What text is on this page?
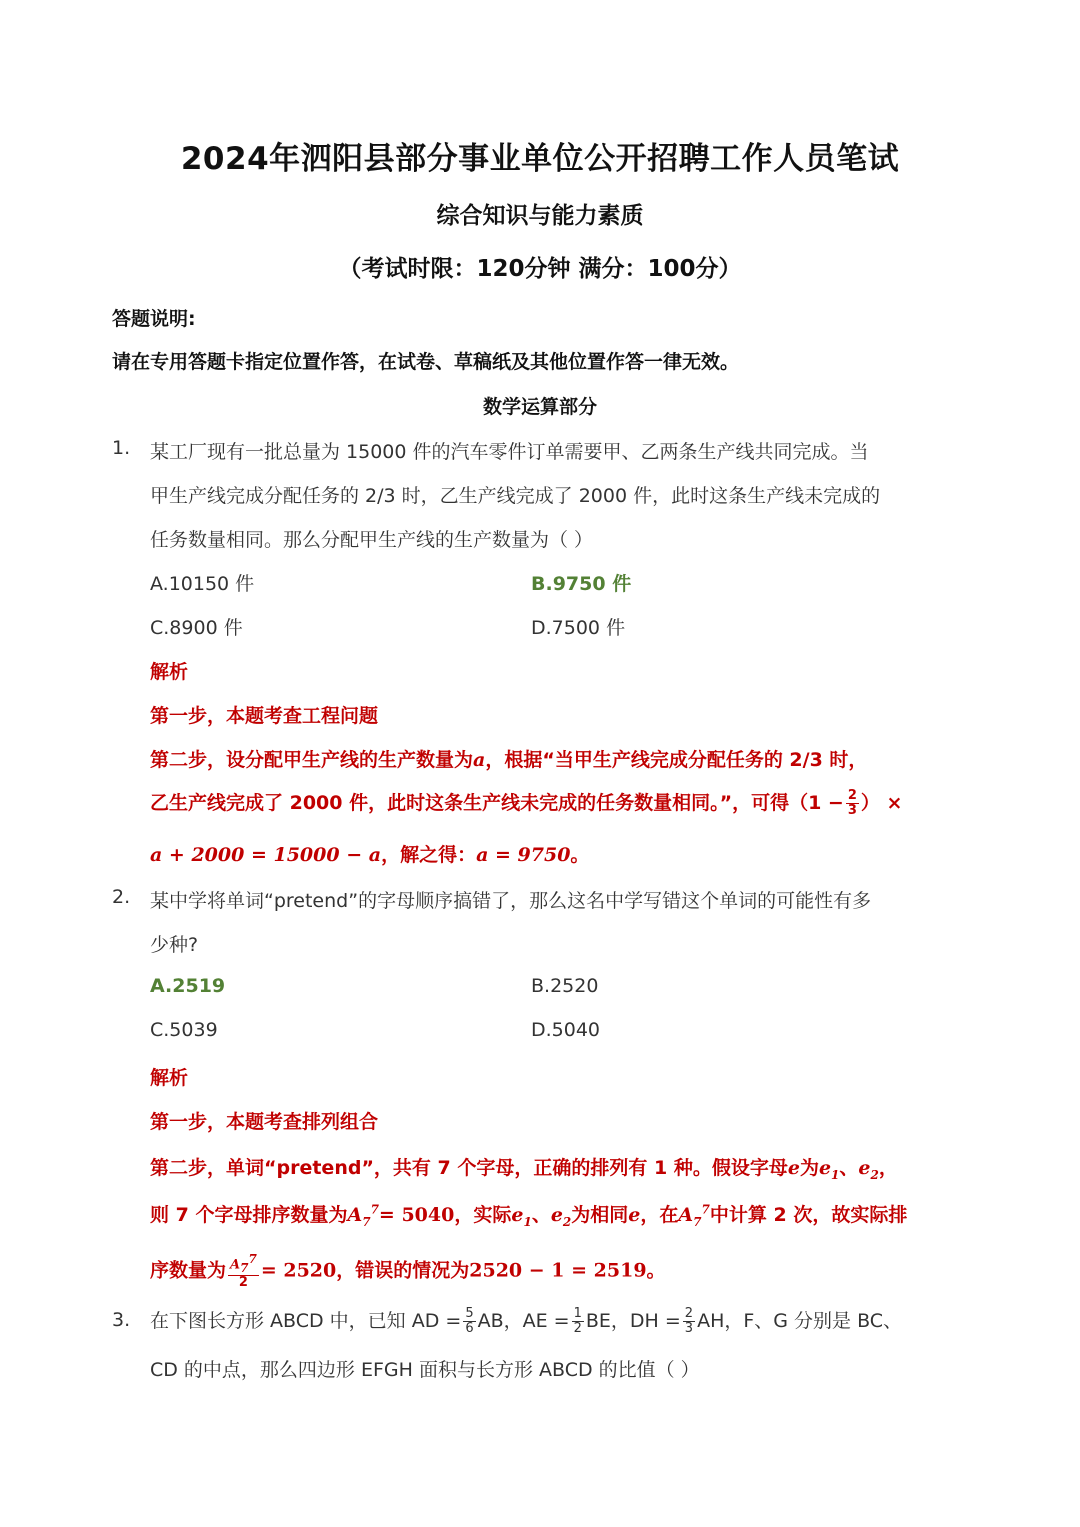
2024年泗阳县部分事业单位公开招聘工作人员笔试
综合知识与能力素质
（考试时限：120分钟 满分：100分）
答题说明:
请在专用答题卡指定位置作答，在试卷、草稿纸及其他位置作答一律无效。
数学运算部分
1. 某工厂现有一批总量为 15000 件的汽车零件订单需要甲、乙两条生产线共同完成。当
甲生产线完成分配任务的 2/3 时，乙生产线完成了 2000 件，此时这条生产线未完成的
任务数量相同。那么分配甲生产线的生产数量为（ ）
A.10150 件	B.9750 件
C.8900 件	D.7500 件
解析
第一步，本题考查工程问题
第二步，设分配甲生产线的生产数量为a，根据“当甲生产线完成分配任务的 2/3 时，
乙生产线完成了 2000 件，此时这条生产线未完成的任务数量相同。”，可得（$1 - \frac{2}{3}$ ） ×
a + 2000 = 15000 − a，解之得：a = 9750。
2. 某中学将单词“pretend”的字母顺序搞错了，那么这名中学写错这个单词的可能性有多
少种?
A.2519	B.2520
C.5039	D.5040
解析
第一步，本题考查排列组合
第二步，单词“pretend”，共有 7 个字母，正确的排列有 1 种。假设字母e为$e_1$、$e_2$，
则 7 个字母排序数量为$A_7^7= 5040$，实际$e_1$、$e_2$为相同e，在$A_7^7$中计算 2 次，故实际排
序数量为 $\frac{A_7^7}{2} = 2520$，错误的情况为2520 − 1 = 2519。
3. 在下图长方形 ABCD 中，已知 AD = $\frac{5}{6}$ AB，AE = $\frac{1}{2}$ BE，DH = $\frac{2}{3}$ AH，F、G 分别是 BC、
CD 的中点，那么四边形 EFGH 面积与长方形 ABCD 的比值（ ）
